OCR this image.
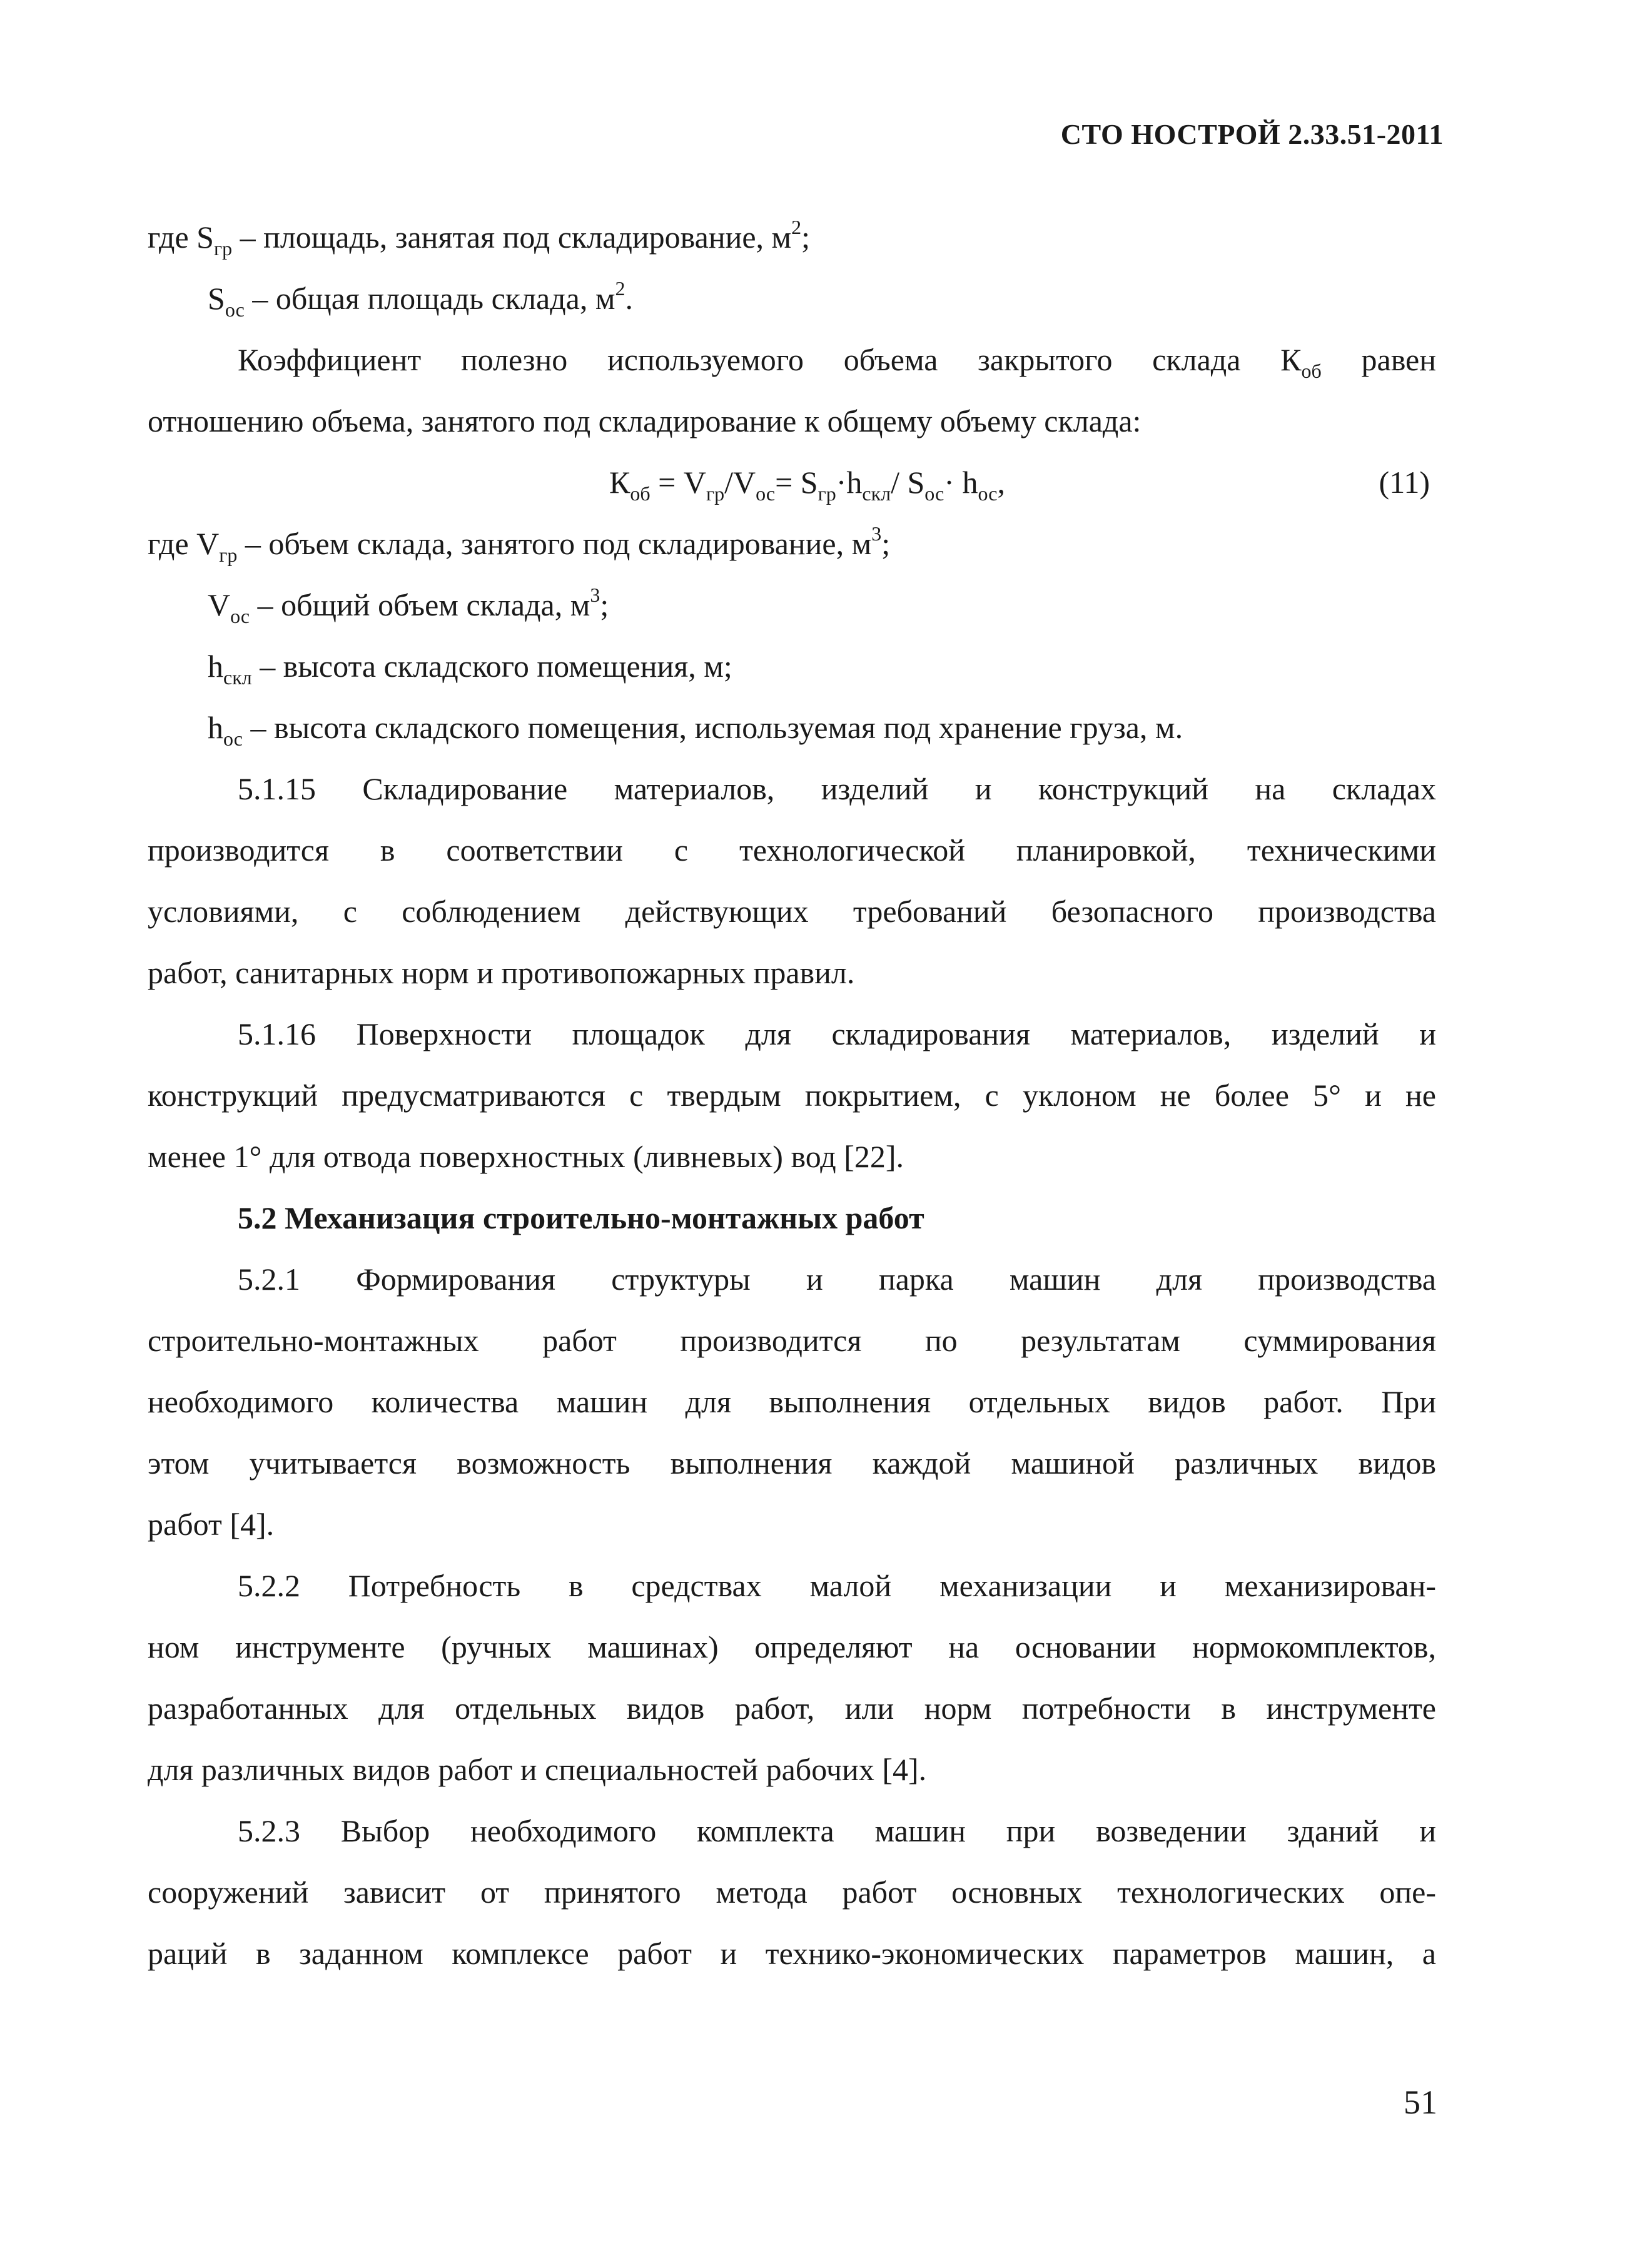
СТО НОСТРОЙ 2.33.51-2011
где $S_{гр}$ – площадь, занятая под складирование, $м^2$;
$S_{ос}$ – общая площадь склада, $м^2$.
Коэффициент полезно используемого объема закрытого склада $К_{об}$ равен
отношению объема, занятого под складирование к общему объему склада:
$К_{об} = V_{гр}/V_{ос}= S_{гр}\cdot h_{скл}/$ $S_{ос}\cdot h_{ос}$,	(11)
где $V_{гр}$ – объем склада, занятого под складирование, $м^3$;
$V_{ос}$ – общий объем склада, $м^3$;
$h_{скл}$ – высота складского помещения, м;
$h_{ос}$ – высота складского помещения, используемая под хранение груза, м.
5.1.15 Складирование материалов, изделий и конструкций на складах
производится в соответствии с технологической планировкой, техническими
условиями, с соблюдением действующих требований безопасного производства
работ, санитарных норм и противопожарных правил.
5.1.16 Поверхности площадок для складирования материалов, изделий и
конструкций предусматриваются с твердым покрытием, с уклоном не более 5° и не
менее 1° для отвода поверхностных (ливневых) вод [22].
5.2 Механизация строительно-монтажных работ
5.2.1 Формирования структуры и парка машин для производства
строительно-монтажных работ производится по результатам суммирования
необходимого количества машин для выполнения отдельных видов работ. При
этом учитывается возможность выполнения каждой машиной различных видов
работ [4].
5.2.2 Потребность в средствах малой механизации и механизирован-
ном инструменте (ручных машинах) определяют на основании нормокомплектов,
разработанных для отдельных видов работ, или норм потребности в инструменте
для различных видов работ и специальностей рабочих [4].
5.2.3 Выбор необходимого комплекта машин при возведении зданий и
сооружений зависит от принятого метода работ основных технологических опе-
раций в заданном комплексе работ и технико-экономических параметров машин, а
51
